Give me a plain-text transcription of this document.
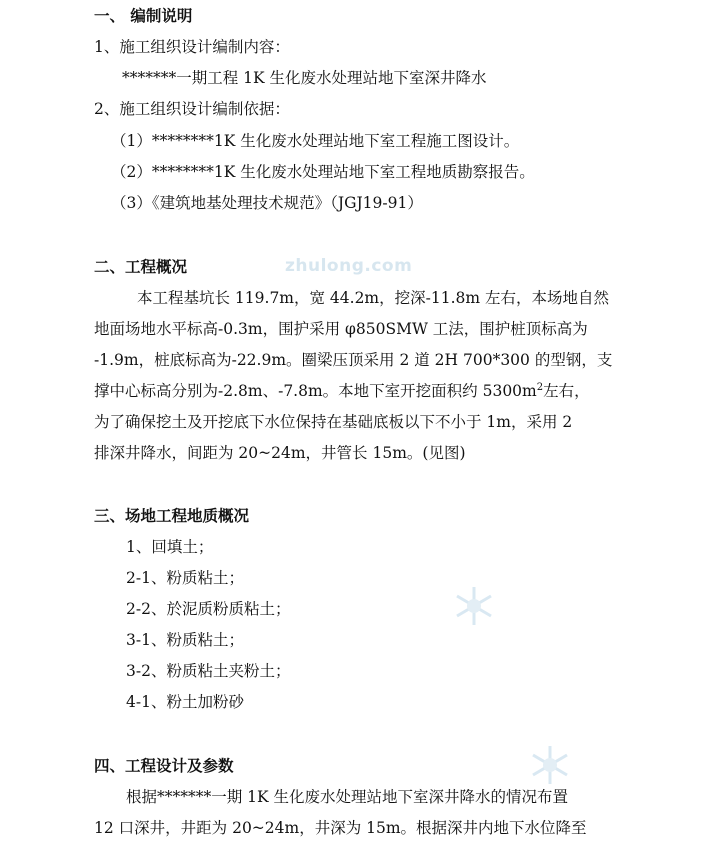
zhulong.com
一、 编制说明
1、施工组织设计编制内容：
*******一期工程 1K 生化废水处理站地下室深井降水
2、施工组织设计编制依据：
（1）********1K 生化废水处理站地下室工程施工图设计。
（2）********1K 生化废水处理站地下室工程地质勘察报告。
（3）《建筑地基处理技术规范》（JGJ19-91）
二、工程概况
本工程基坑长 119.7m，宽 44.2m，挖深-11.8m 左右，本场地自然
地面场地水平标高-0.3m，围护采用 φ850SMW 工法，围护桩顶标高为
-1.9m，桩底标高为-22.9m。圈梁压顶采用 2 道 2H 700*300 的型钢，支
撑中心标高分别为-2.8m、-7.8m。本地下室开挖面积约 $5300m^2$左右，
为了确保挖土及开挖底下水位保持在基础底板以下不小于 1m，采用 2
排深井降水，间距为 20~24m，井管长 15m。(见图)
三、场地工程地质概况
1、回填土；
2-1、粉质粘土；
2-2、於泥质粉质粘土；
3-1、粉质粘土；
3-2、粉质粘土夹粉土；
4-1、粉土加粉砂
四、工程设计及参数
根据*******一期 1K 生化废水处理站地下室深井降水的情况布置
12 口深井，井距为 20~24m，井深为 15m。根据深井内地下水位降至
